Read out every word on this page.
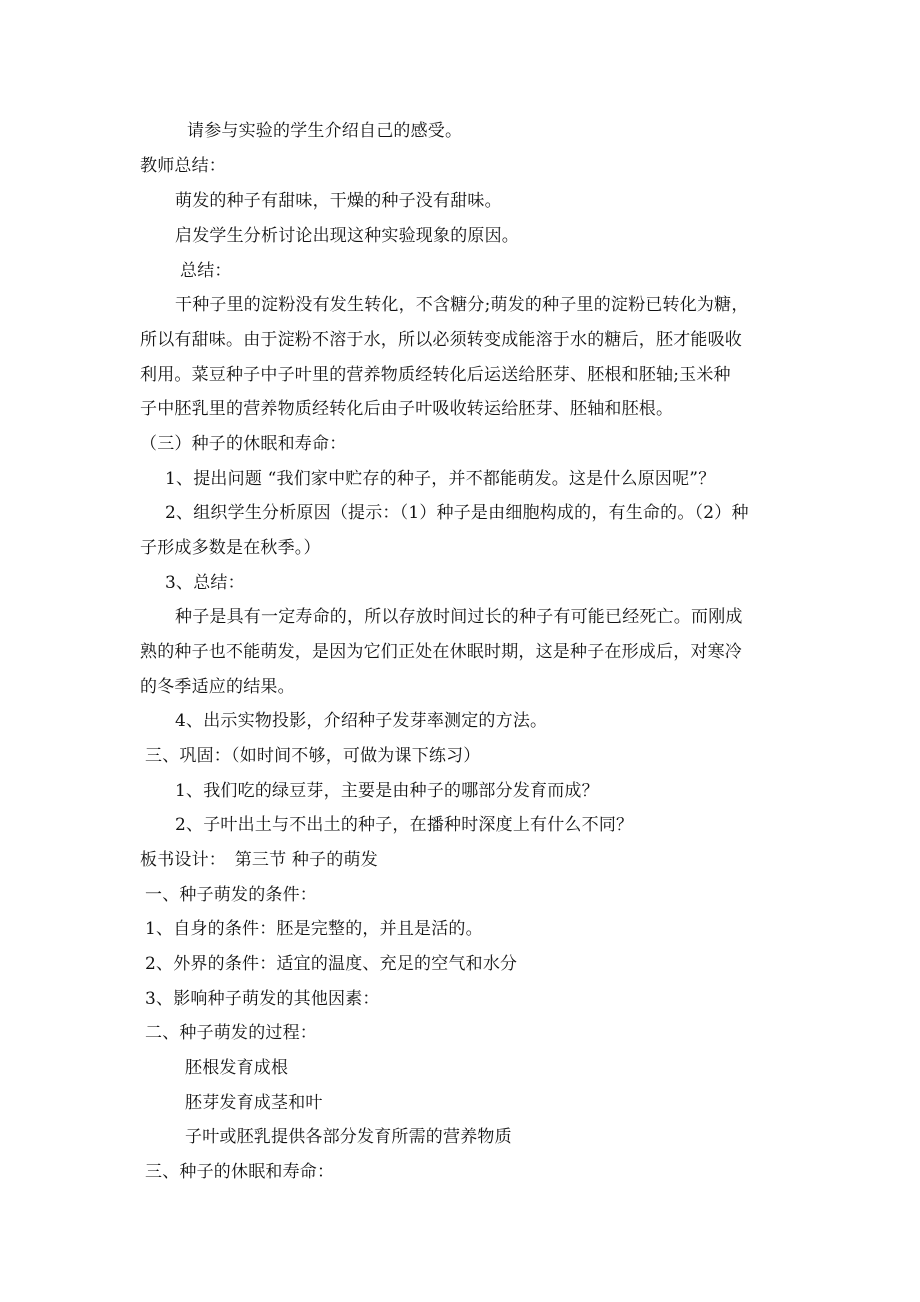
请参与实验的学生介绍自己的感受。
教师总结：
萌发的种子有甜味，干燥的种子没有甜味。
启发学生分析讨论出现这种实验现象的原因。
总结：
干种子里的淀粉没有发生转化，不含糖分;萌发的种子里的淀粉已转化为糖，
所以有甜味。由于淀粉不溶于水，所以必须转变成能溶于水的糖后，胚才能吸收
利用。菜豆种子中子叶里的营养物质经转化后运送给胚芽、胚根和胚轴;玉米种
子中胚乳里的营养物质经转化后由子叶吸收转运给胚芽、胚轴和胚根。
（三）种子的休眠和寿命：
1、提出问题 “我们家中贮存的种子，并不都能萌发。这是什么原因呢”？
2、组织学生分析原因（提示：（1）种子是由细胞构成的，有生命的。（2）种
子形成多数是在秋季。）
3、总结：
种子是具有一定寿命的，所以存放时间过长的种子有可能已经死亡。而刚成
熟的种子也不能萌发，是因为它们正处在休眠时期，这是种子在形成后，对寒冷
的冬季适应的结果。
4、出示实物投影，介绍种子发芽率测定的方法。
三、巩固：（如时间不够，可做为课下练习）
1、我们吃的绿豆芽，主要是由种子的哪部分发育而成？
2、子叶出土与不出土的种子，在播种时深度上有什么不同？
板书设计：　第三节 种子的萌发
一、种子萌发的条件：
1、自身的条件：胚是完整的，并且是活的。
2、外界的条件：适宜的温度、充足的空气和水分
3、影响种子萌发的其他因素：
二、种子萌发的过程：
胚根发育成根
胚芽发育成茎和叶
子叶或胚乳提供各部分发育所需的营养物质
三、种子的休眠和寿命：
